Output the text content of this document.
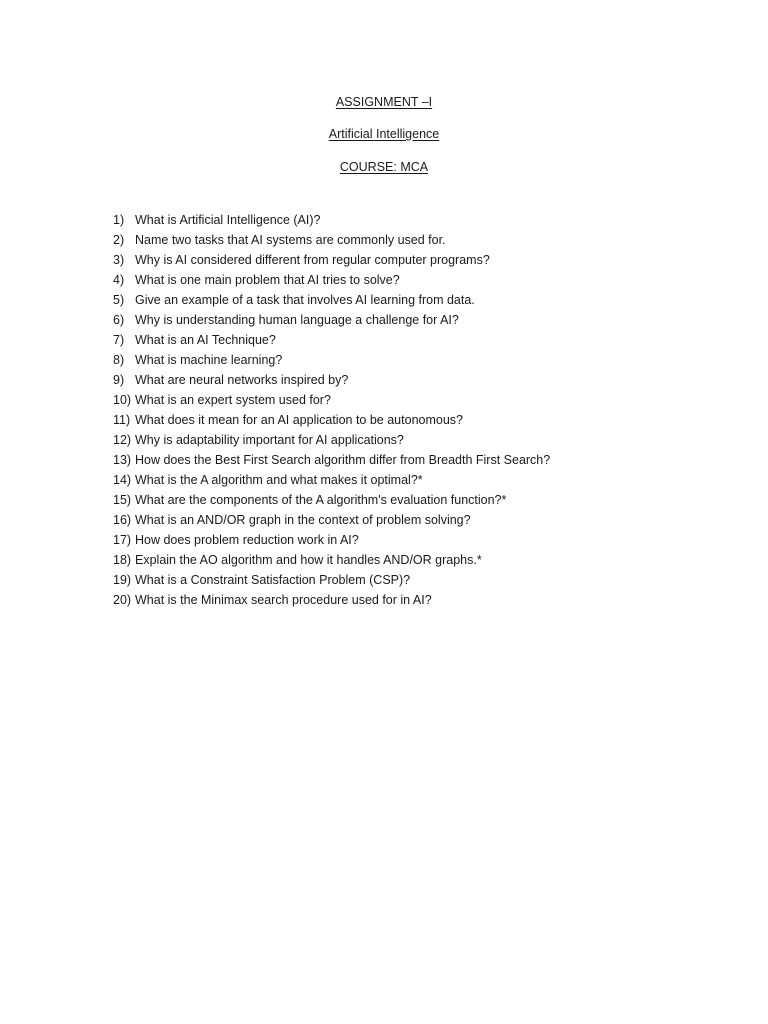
ASSIGNMENT –I
Artificial Intelligence
COURSE: MCA
1) What is Artificial Intelligence (AI)?
2) Name two tasks that AI systems are commonly used for.
3) Why is AI considered different from regular computer programs?
4) What is one main problem that AI tries to solve?
5) Give an example of a task that involves AI learning from data.
6) Why is understanding human language a challenge for AI?
7) What is an AI Technique?
8) What is machine learning?
9) What are neural networks inspired by?
10) What is an expert system used for?
11) What does it mean for an AI application to be autonomous?
12) Why is adaptability important for AI applications?
13) How does the Best First Search algorithm differ from Breadth First Search?
14) What is the A algorithm and what makes it optimal?*
15) What are the components of the A algorithm's evaluation function?*
16) What is an AND/OR graph in the context of problem solving?
17) How does problem reduction work in AI?
18) Explain the AO algorithm and how it handles AND/OR graphs.*
19) What is a Constraint Satisfaction Problem (CSP)?
20) What is the Minimax search procedure used for in AI?
